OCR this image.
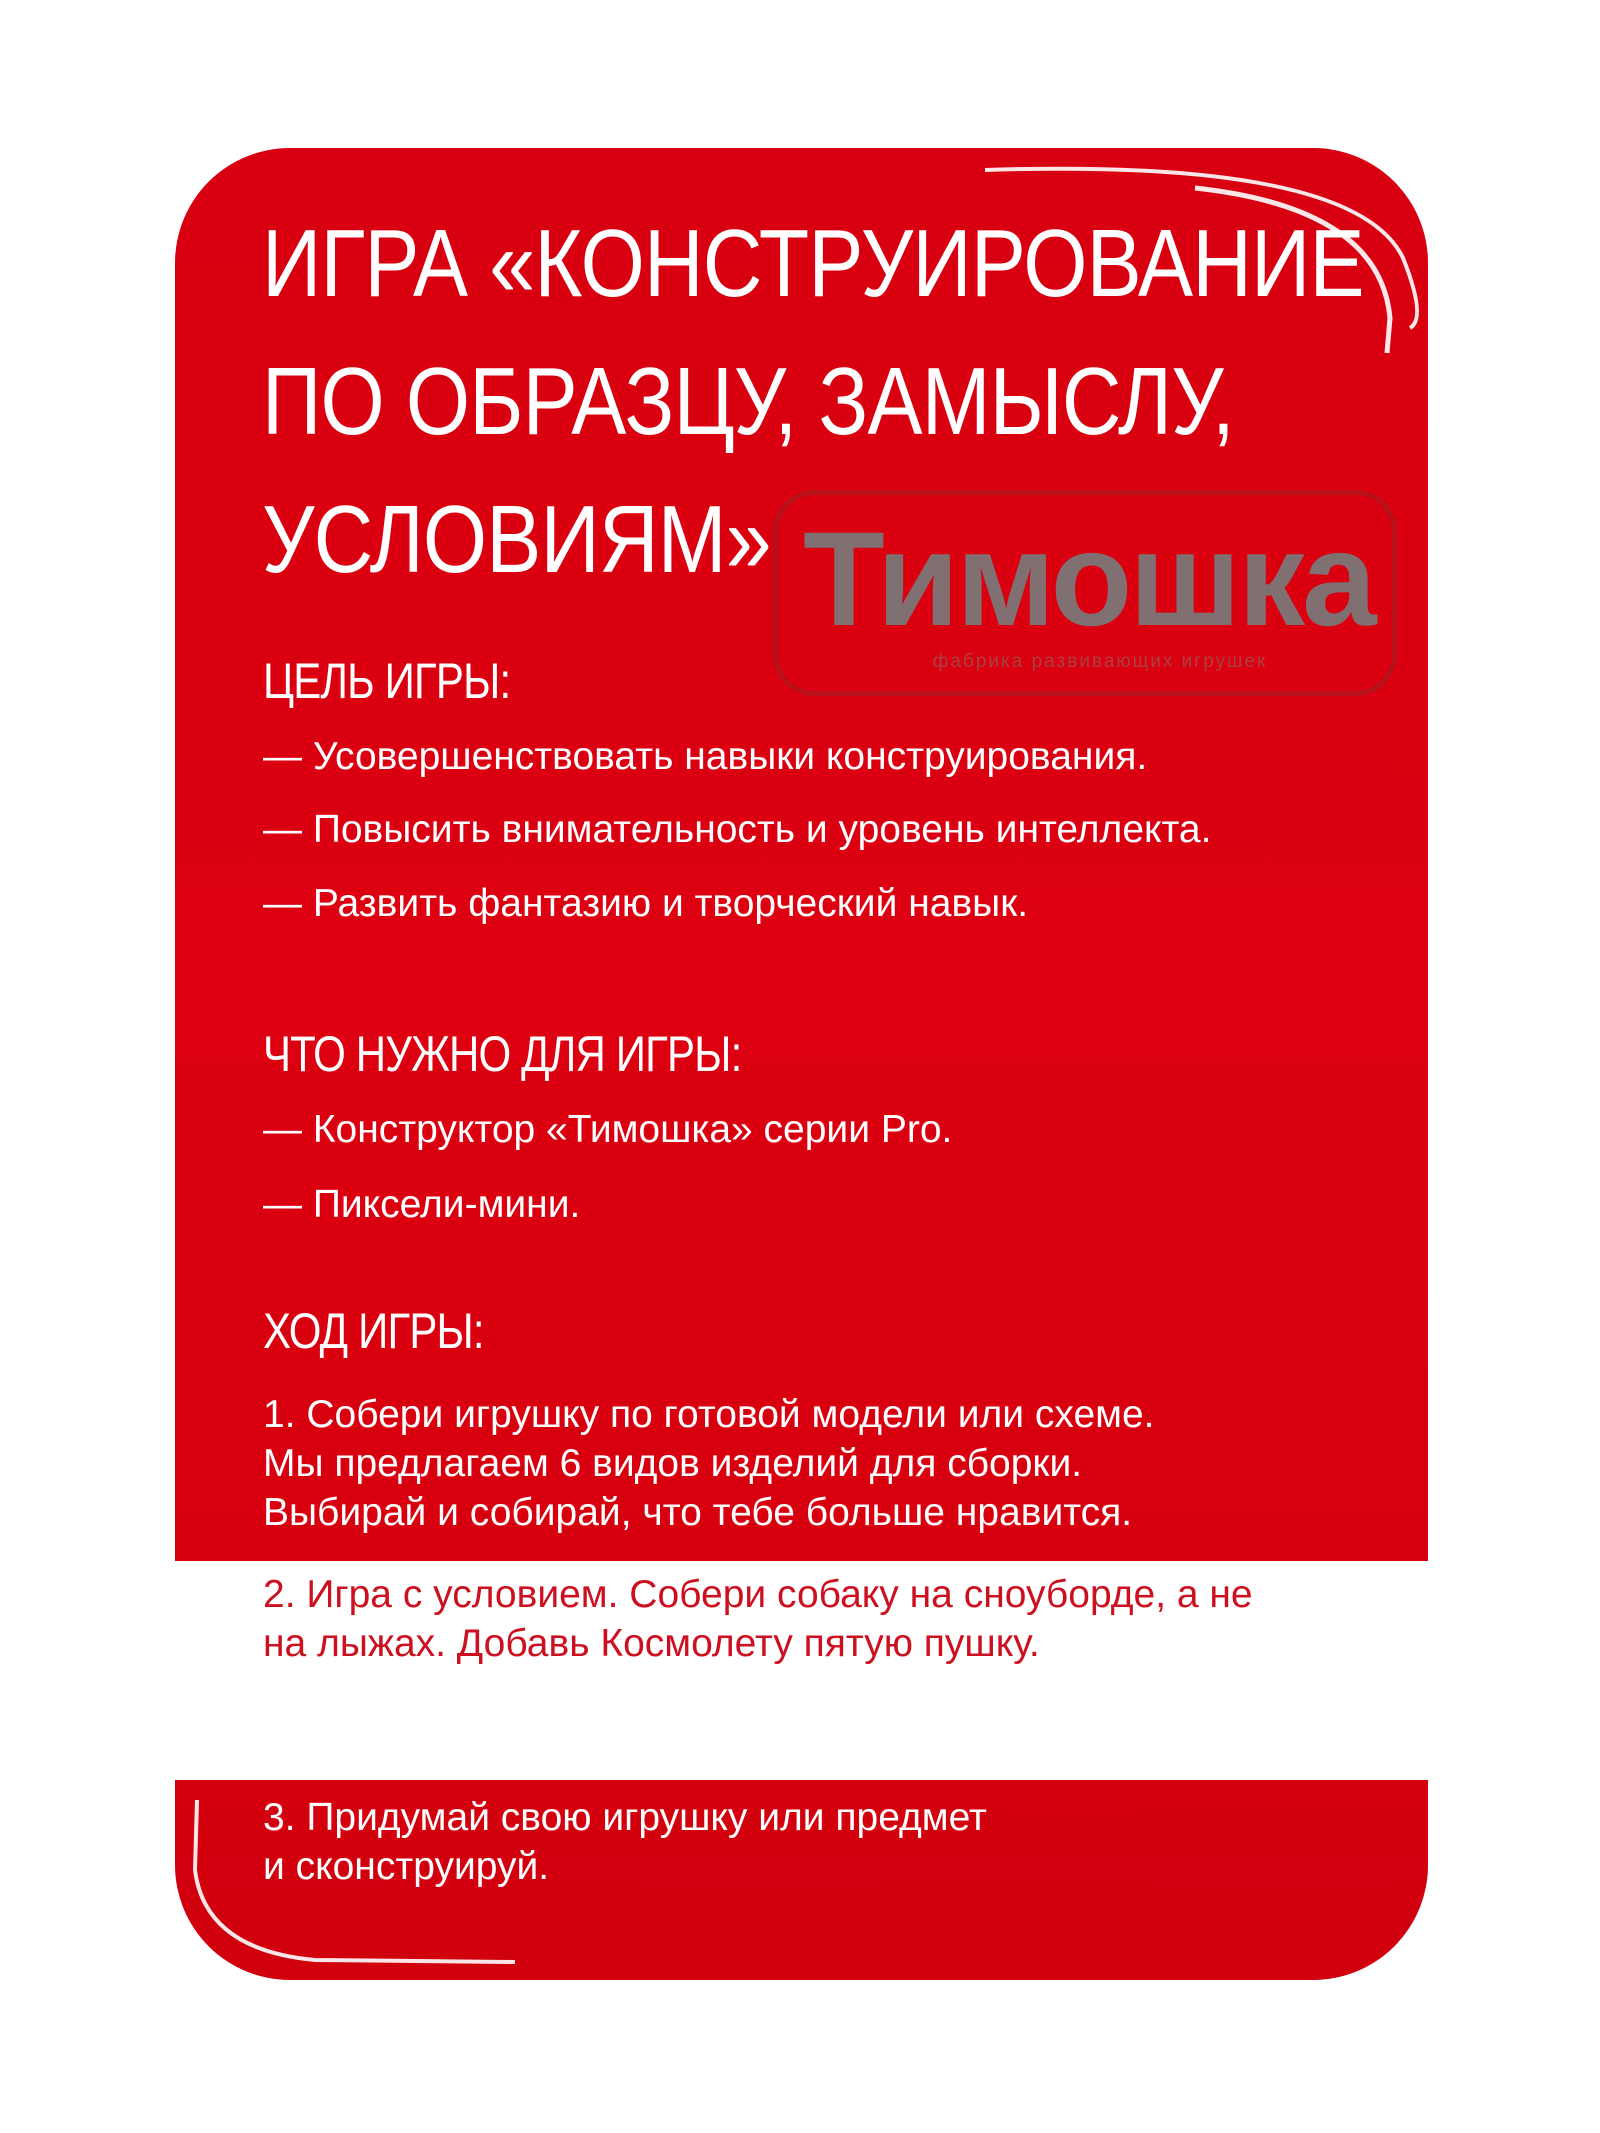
ИГРА «КОНСТРУИРОВАНИЕ
ПО ОБРАЗЦУ, ЗАМЫСЛУ,
УСЛОВИЯМ» Тимошка
фабрика развивающих игрушек
ЦЕЛЬ ИГРЫ:
— Усовершенствовать навыки конструирования.
— Повысить внимательность и уровень интеллекта.
— Развить фантазию и творческий навык.
ЧТО НУЖНО ДЛЯ ИГРЫ:
— Конструктор «Тимошка» серии Pro.
— Пиксели-мини.
ХОД ИГРЫ:
1. Собери игрушку по готовой модели или схеме.
Мы предлагаем 6 видов изделий для сборки.
Выбирай и собирай, что тебе больше нравится.
2. Игра с условием. Собери собаку на сноуборде, а не
на лыжах. Добавь Космолету пятую пушку.
3. Придумай свою игрушку или предмет
и сконструируй.
